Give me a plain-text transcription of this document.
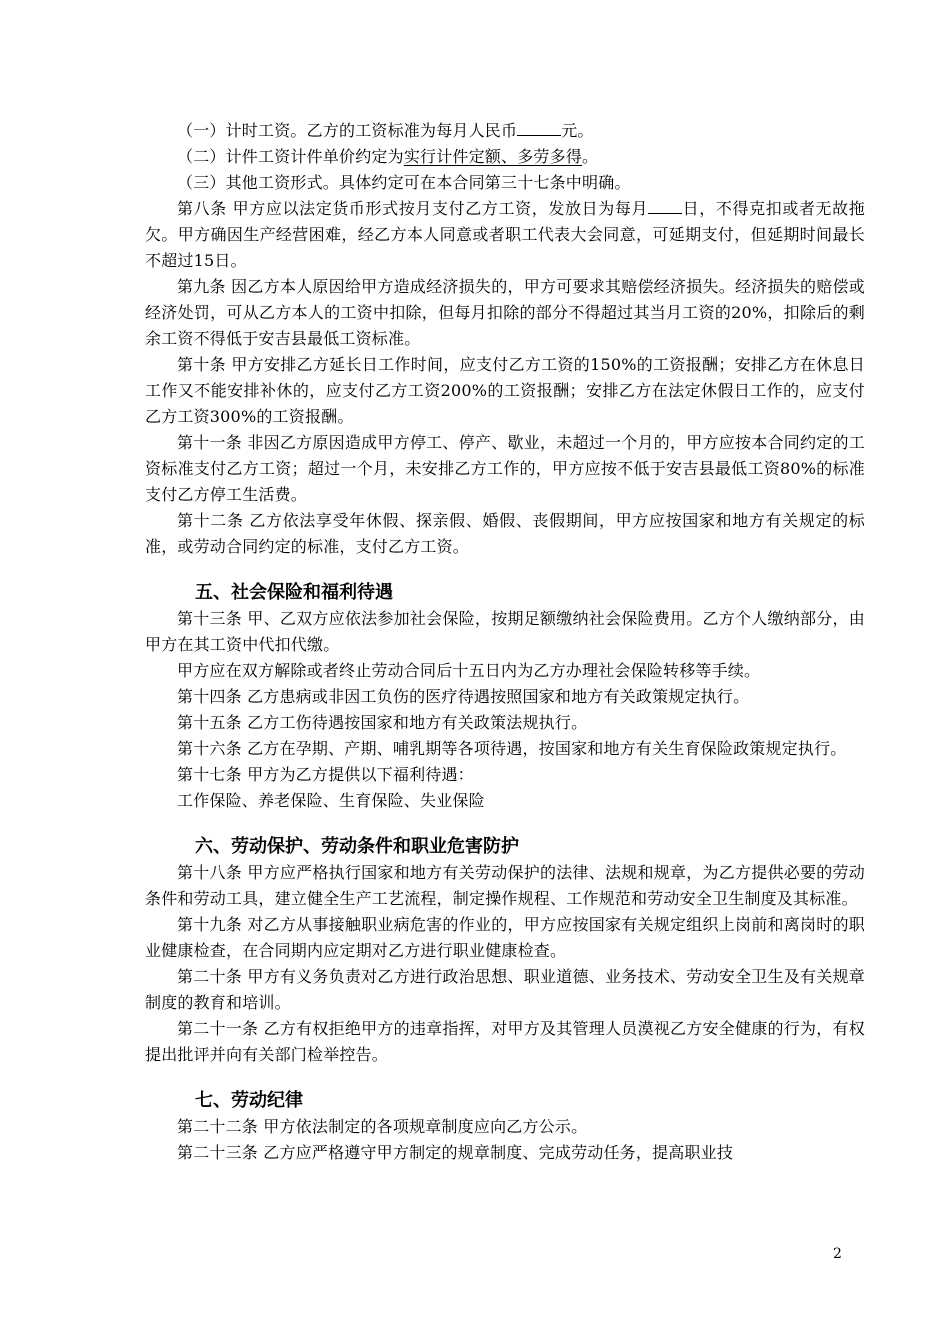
（一）计时工资。乙方的工资标准为每月人民币	元。

（二）计件工资计件单价约定为实行计件定额、多劳多得。

（三）其他工资形式。具体约定可在本合同第三十七条中明确。

第八条 甲方应以法定货币形式按月支付乙方工资，发放日为每月 日，不得克扣或者无故拖欠。甲方确因生产经营困难，经乙方本人同意或者职工代表大会同意，可延期支付，但延期时间最长不超过15日。

第九条 因乙方本人原因给甲方造成经济损失的，甲方可要求其赔偿经济损失。经济损失的赔偿或经济处罚，可从乙方本人的工资中扣除，但每月扣除的部分不得超过其当月工资的20%，扣除后的剩余工资不得低于安吉县最低工资标准。

第十条 甲方安排乙方延长日工作时间，应支付乙方工资的150%的工资报酬；安排乙方在休息日工作又不能安排补休的，应支付乙方工资200%的工资报酬；安排乙方在法定休假日工作的，应支付乙方工资300%的工资报酬。

第十一条 非因乙方原因造成甲方停工、停产、歇业，未超过一个月的，甲方应按本合同约定的工资标准支付乙方工资；超过一个月，未安排乙方工作的，甲方应按不低于安吉县最低工资80%的标准支付乙方停工生活费。

第十二条 乙方依法享受年休假、探亲假、婚假、丧假期间，甲方应按国家和地方有关规定的标准，或劳动合同约定的标准，支付乙方工资。

五、社会保险和福利待遇

第十三条 甲、乙双方应依法参加社会保险，按期足额缴纳社会保险费用。乙方个人缴纳部分，由甲方在其工资中代扣代缴。

甲方应在双方解除或者终止劳动合同后十五日内为乙方办理社会保险转移等手续。

第十四条 乙方患病或非因工负伤的医疗待遇按照国家和地方有关政策规定执行。

第十五条 乙方工伤待遇按国家和地方有关政策法规执行。

第十六条 乙方在孕期、产期、哺乳期等各项待遇，按国家和地方有关生育保险政策规定执行。

第十七条 甲方为乙方提供以下福利待遇：

工作保险、养老保险、生育保险、失业保险

六、劳动保护、劳动条件和职业危害防护

第十八条 甲方应严格执行国家和地方有关劳动保护的法律、法规和规章，为乙方提供必要的劳动条件和劳动工具，建立健全生产工艺流程，制定操作规程、工作规范和劳动安全卫生制度及其标准。

第十九条 对乙方从事接触职业病危害的作业的，甲方应按国家有关规定组织上岗前和离岗时的职业健康检查，在合同期内应定期对乙方进行职业健康检查。

第二十条 甲方有义务负责对乙方进行政治思想、职业道德、业务技术、劳动安全卫生及有关规章制度的教育和培训。

第二十一条 乙方有权拒绝甲方的违章指挥，对甲方及其管理人员漠视乙方安全健康的行为，有权提出批评并向有关部门检举控告。

七、劳动纪律

第二十二条 甲方依法制定的各项规章制度应向乙方公示。

第二十三条 乙方应严格遵守甲方制定的规章制度、完成劳动任务，提高职业技

2
